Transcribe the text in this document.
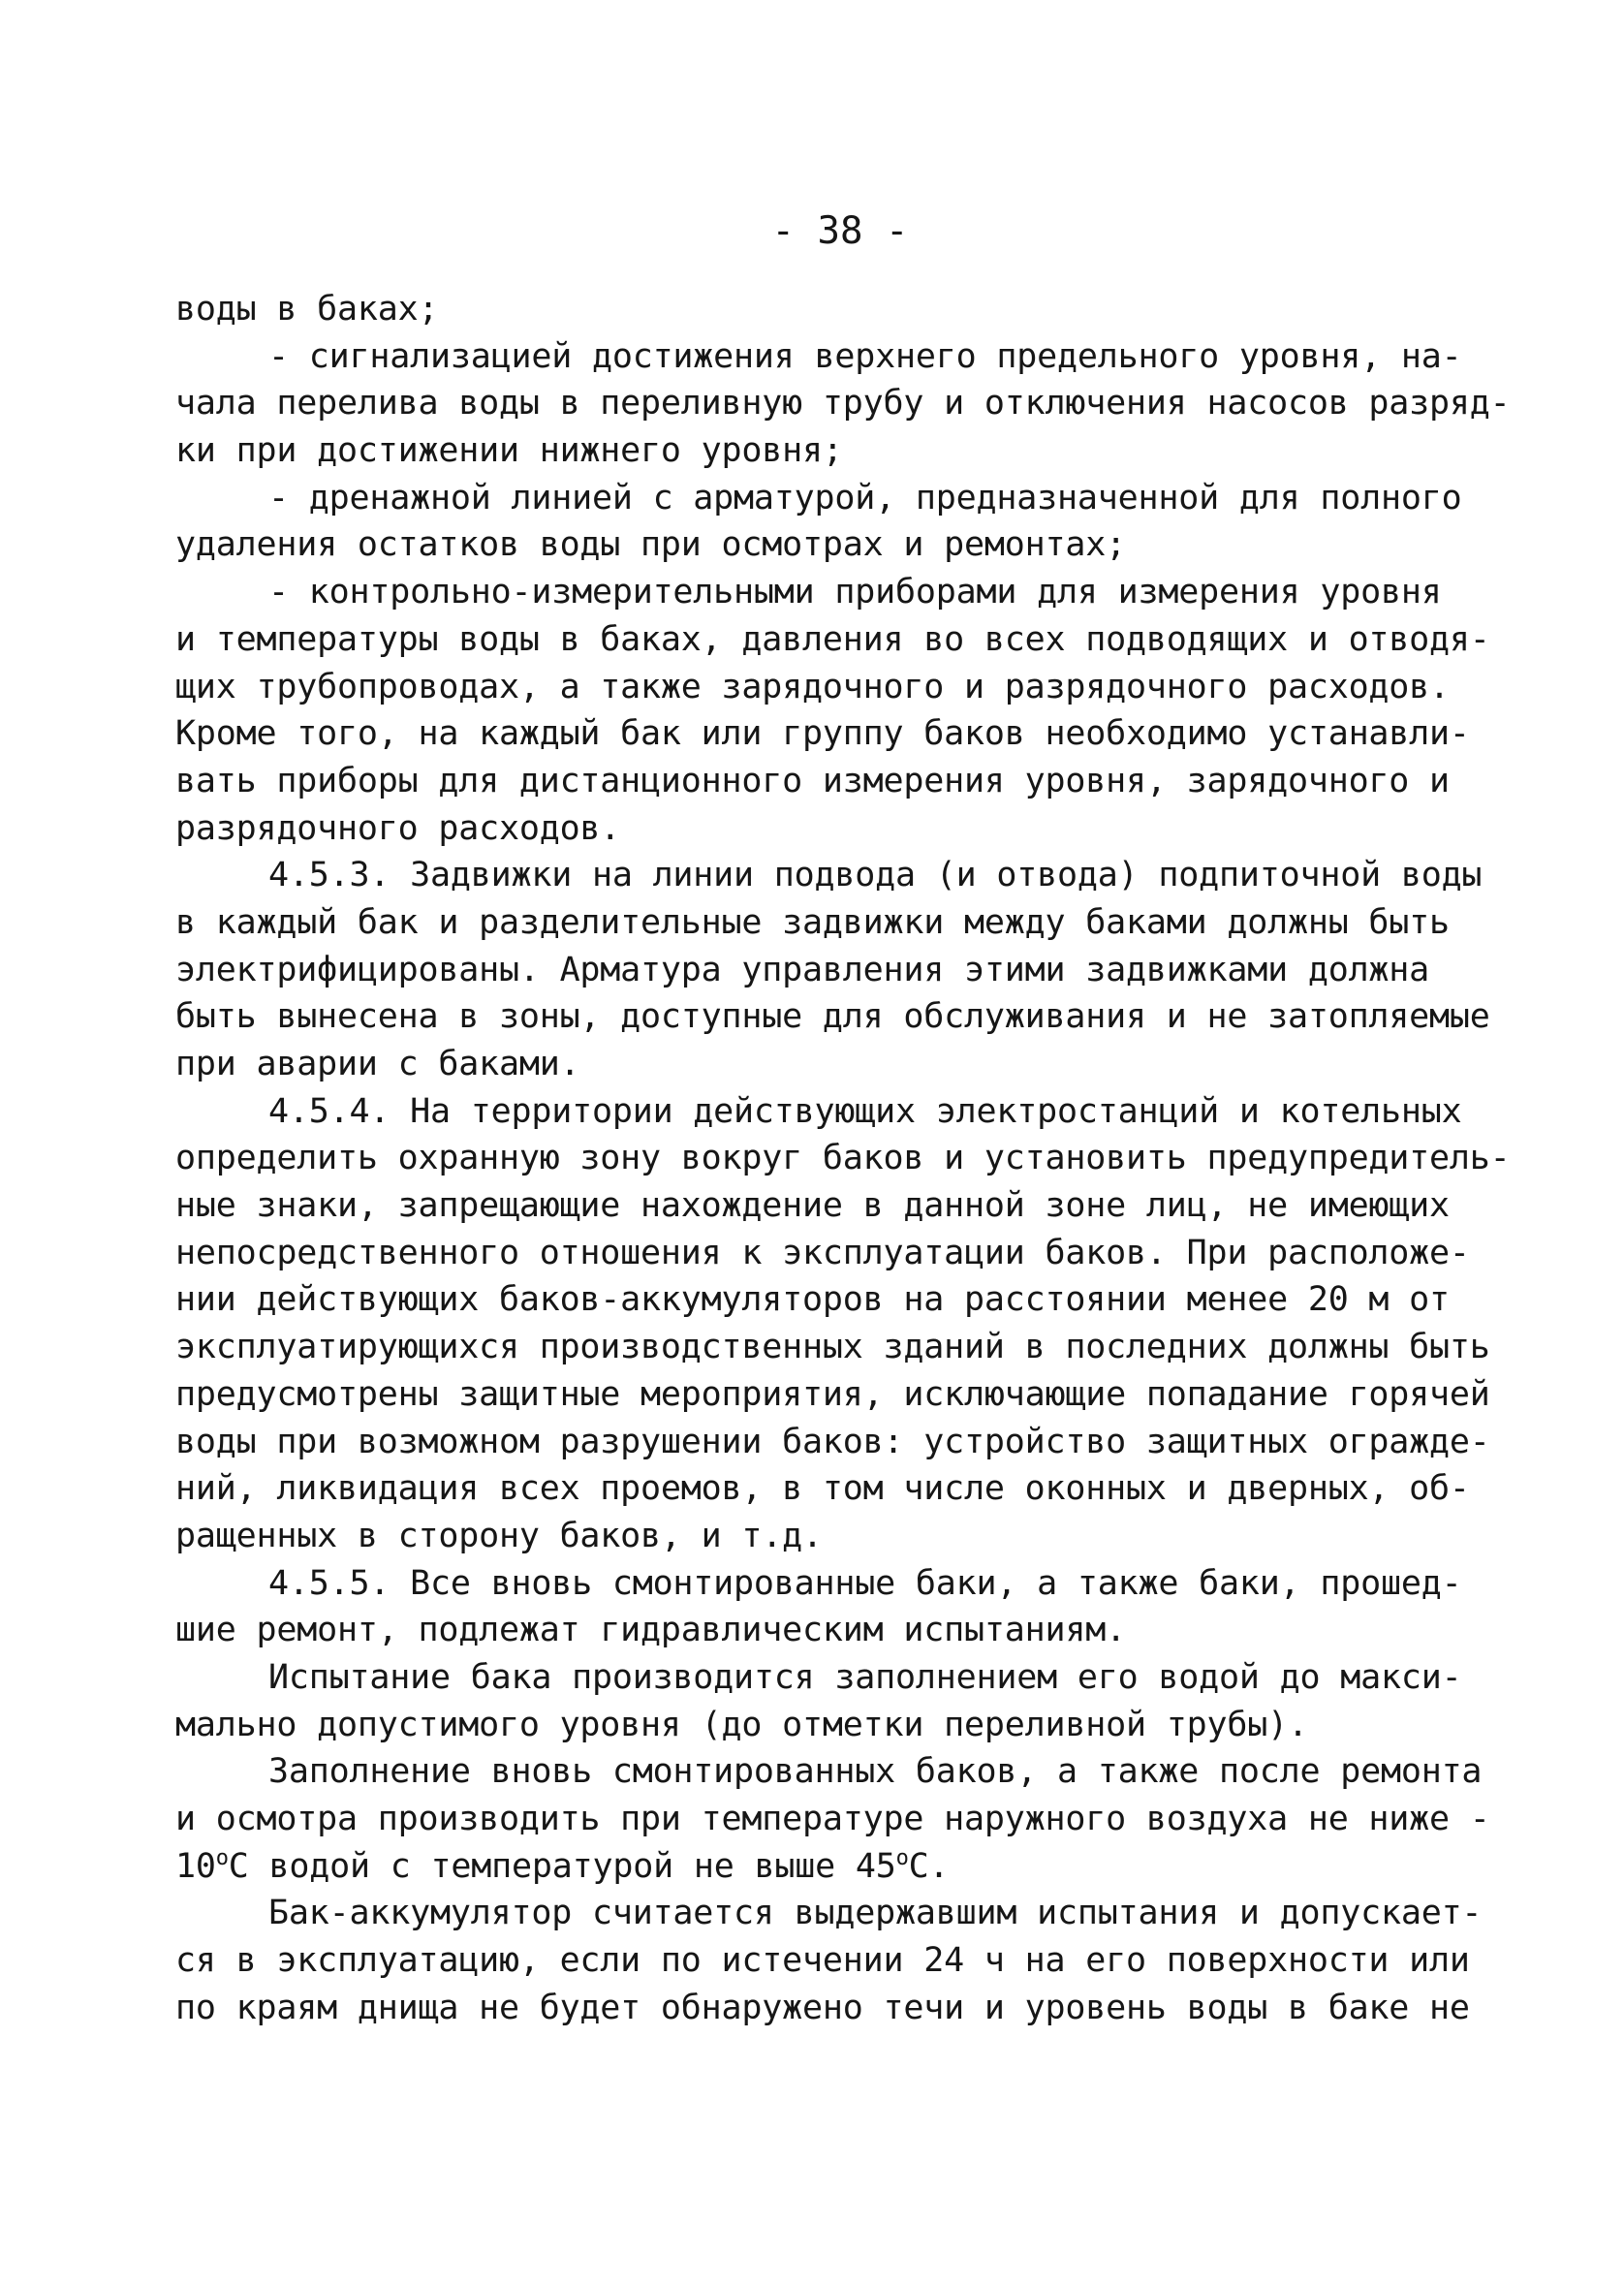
- 38 -
воды в баках;
- сигнализацией достижения верхнего предельного уровня, на-
чала перелива воды в переливную трубу и отключения насосов разряд-
ки при достижении нижнего уровня;
- дренажной линией с арматурой, предназначенной для полного
удаления остатков воды при осмотрах и ремонтах;
- контрольно-измерительными приборами для измерения уровня
и температуры воды в баках, давления во всех подводящих и отводя-
щих трубопроводах, а также зарядочного и разрядочного расходов.
Кроме того, на каждый бак или группу баков необходимо устанавли-
вать приборы для дистанционного измерения уровня, зарядочного и
разрядочного расходов.
4.5.3. Задвижки на линии подвода (и отвода) подпиточной воды
в каждый бак и разделительные задвижки между баками должны быть
электрифицированы. Арматура управления этими задвижками должна
быть вынесена в зоны, доступные для обслуживания и не затопляемые
при аварии с баками.
4.5.4. На территории действующих электростанций и котельных
определить охранную зону вокруг баков и установить предупредитель-
ные знаки, запрещающие нахождение в данной зоне лиц, не имеющих
непосредственного отношения к эксплуатации баков. При расположе-
нии действующих баков-аккумуляторов на расстоянии менее 20 м от
эксплуатирующихся производственных зданий в последних должны быть
предусмотрены защитные мероприятия, исключающие попадание горячей
воды при возможном разрушении баков: устройство защитных огражде-
ний, ликвидация всех проемов, в том числе оконных и дверных, об-
ращенных в сторону баков, и т.д.
4.5.5. Все вновь смонтированные баки, а также баки, прошед-
шие ремонт, подлежат гидравлическим испытаниям.
Испытание бака производится заполнением его водой до макси-
мально допустимого уровня (до отметки переливной трубы).
Заполнение вновь смонтированных баков, а также после ремонта
и осмотра производить при температуре наружного воздуха не ниже -
$10^оС$ водой с температурой не выше $45^оС$.
Бак-аккумулятор считается выдержавшим испытания и допускает-
ся в эксплуатацию, если по истечении 24 ч на его поверхности или
по краям днища не будет обнаружено течи и уровень воды в баке не
